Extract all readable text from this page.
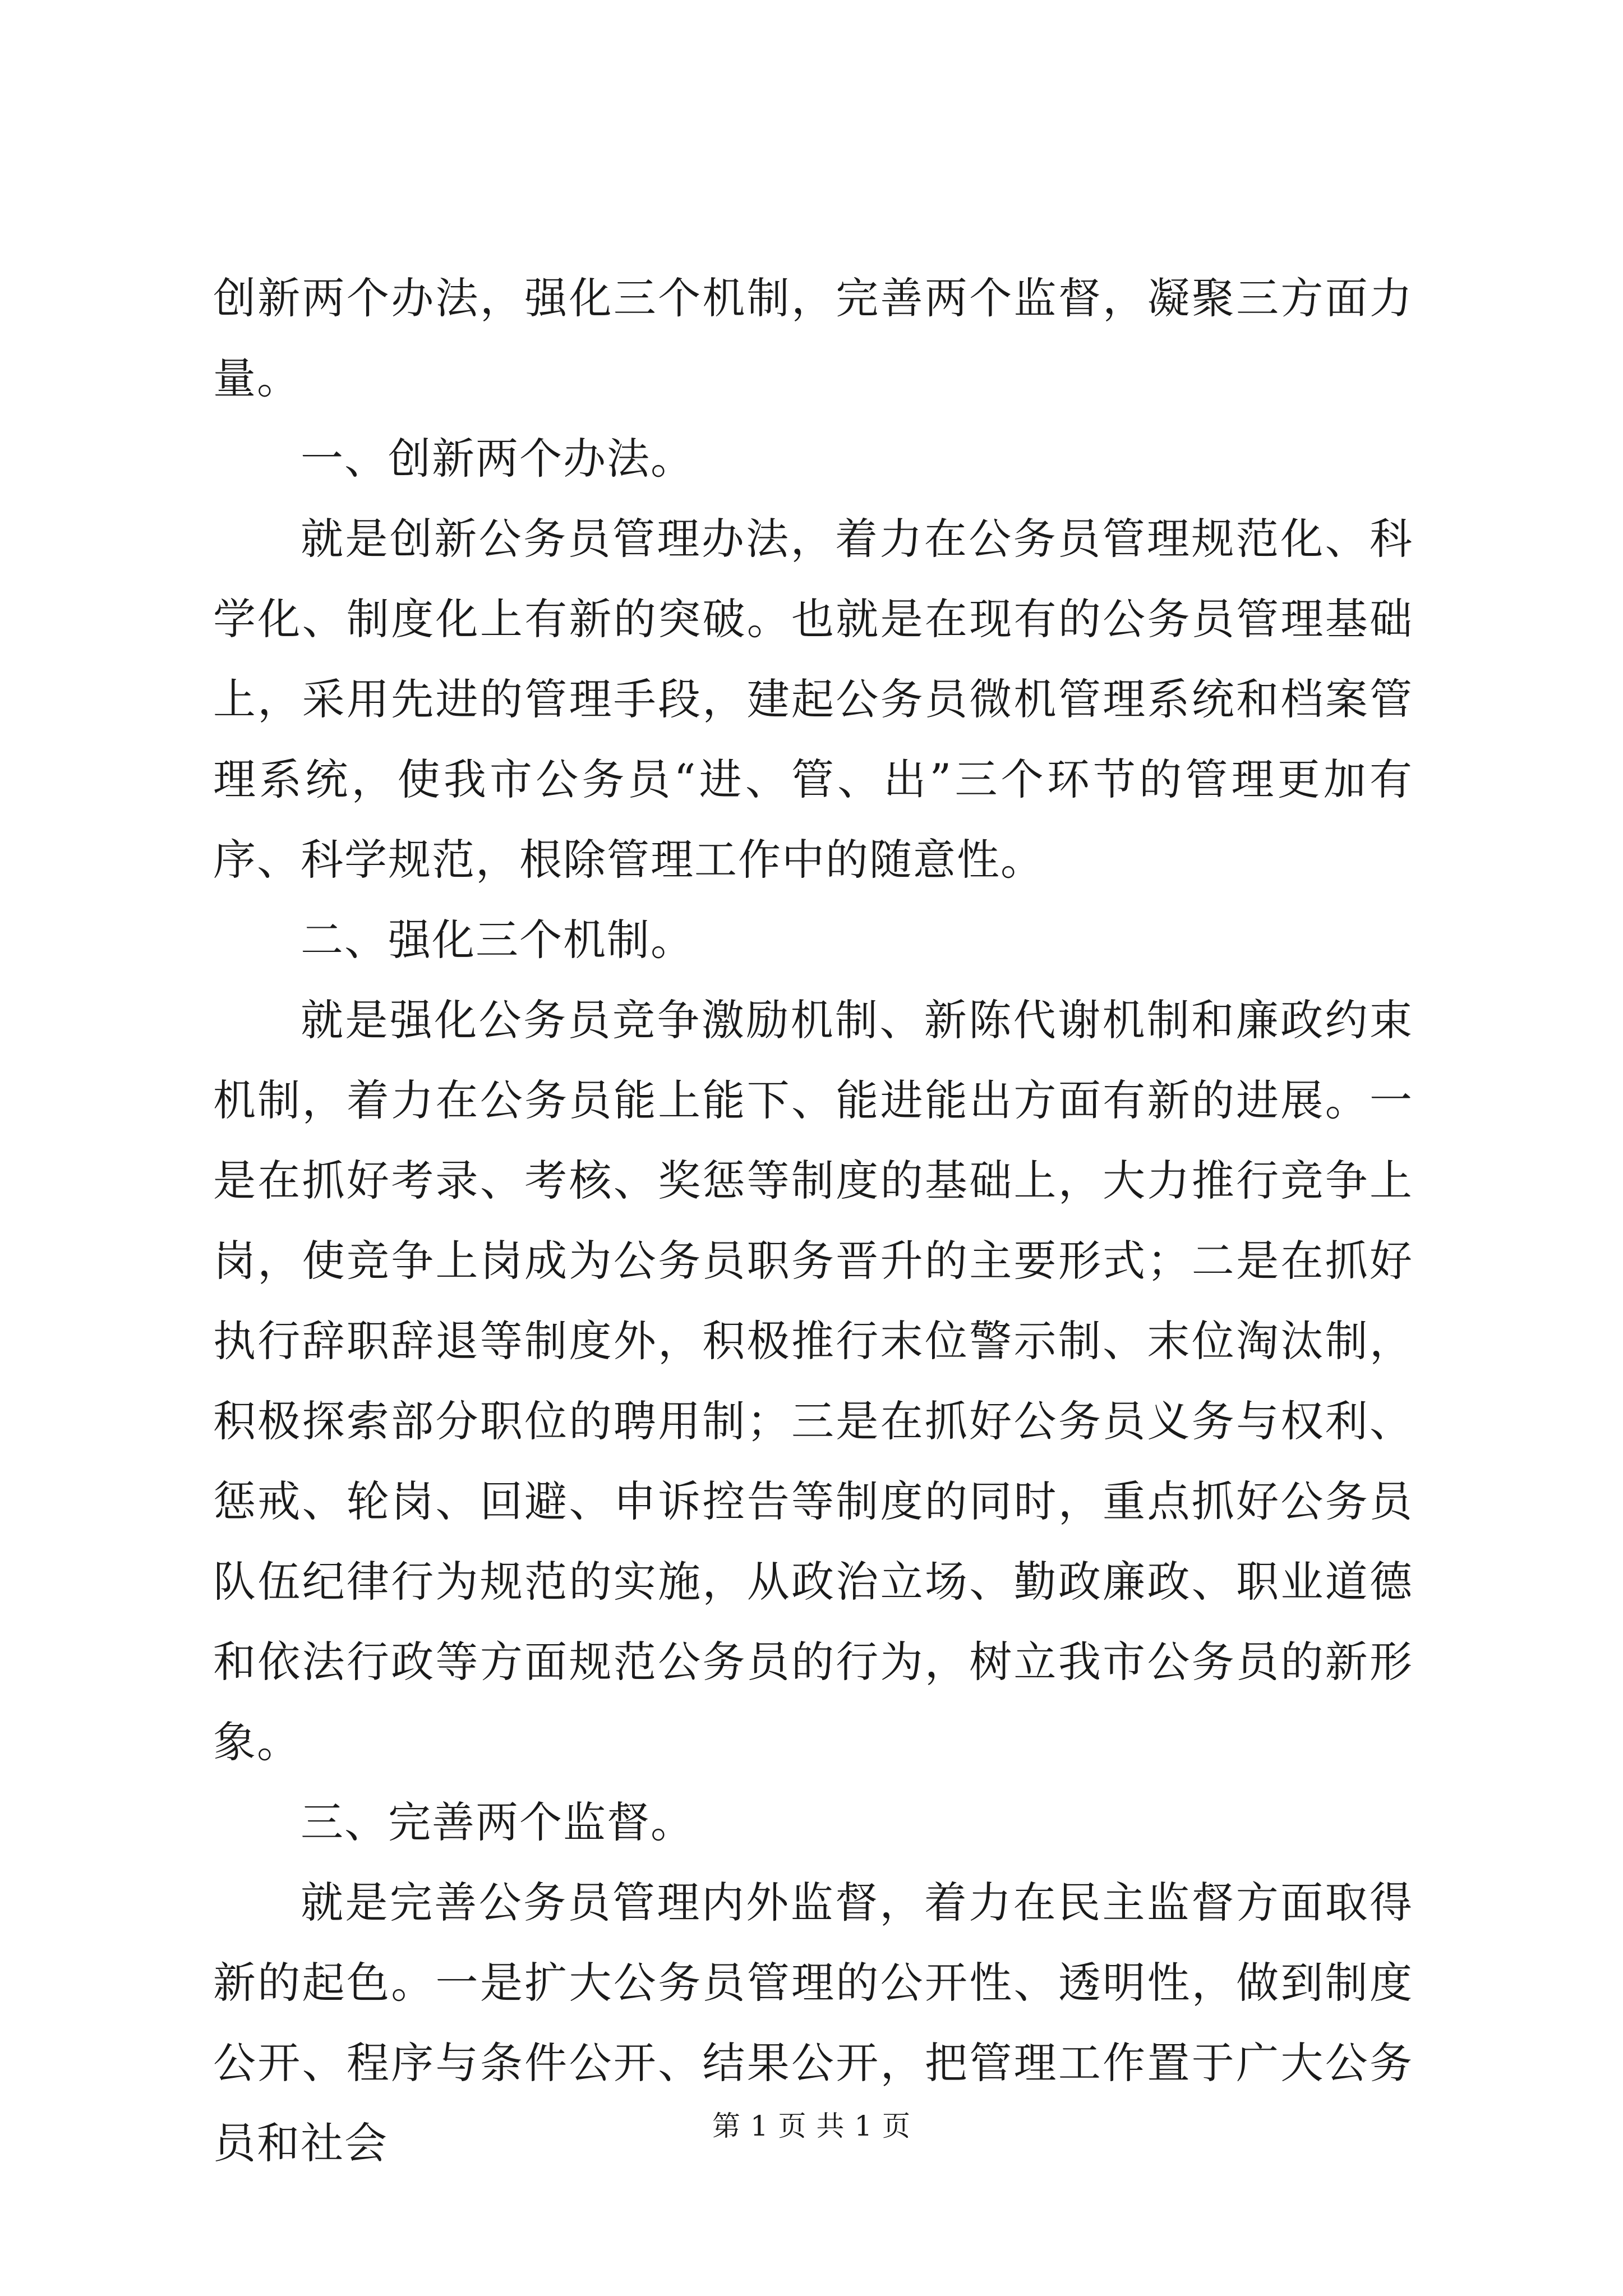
创新两个办法，强化三个机制，完善两个监督，凝聚三方面力量。

一、创新两个办法。

就是创新公务员管理办法，着力在公务员管理规范化、科学化、制度化上有新的突破。也就是在现有的公务员管理基础上，采用先进的管理手段，建起公务员微机管理系统和档案管理系统，使我市公务员“进、管、出”三个环节的管理更加有序、科学规范，根除管理工作中的随意性。

二、强化三个机制。

就是强化公务员竞争激励机制、新陈代谢机制和廉政约束机制，着力在公务员能上能下、能进能出方面有新的进展。一是在抓好考录、考核、奖惩等制度的基础上，大力推行竞争上岗，使竞争上岗成为公务员职务晋升的主要形式；二是在抓好执行辞职辞退等制度外，积极推行末位警示制、末位淘汰制，积极探索部分职位的聘用制；三是在抓好公务员义务与权利、惩戒、轮岗、回避、申诉控告等制度的同时，重点抓好公务员队伍纪律行为规范的实施，从政治立场、勤政廉政、职业道德和依法行政等方面规范公务员的行为，树立我市公务员的新形象。

三、完善两个监督。

就是完善公务员管理内外监督，着力在民主监督方面取得新的起色。一是扩大公务员管理的公开性、透明性，做到制度公开、程序与条件公开、结果公开，把管理工作置于广大公务员和社会	第 1 页 共 1 页
